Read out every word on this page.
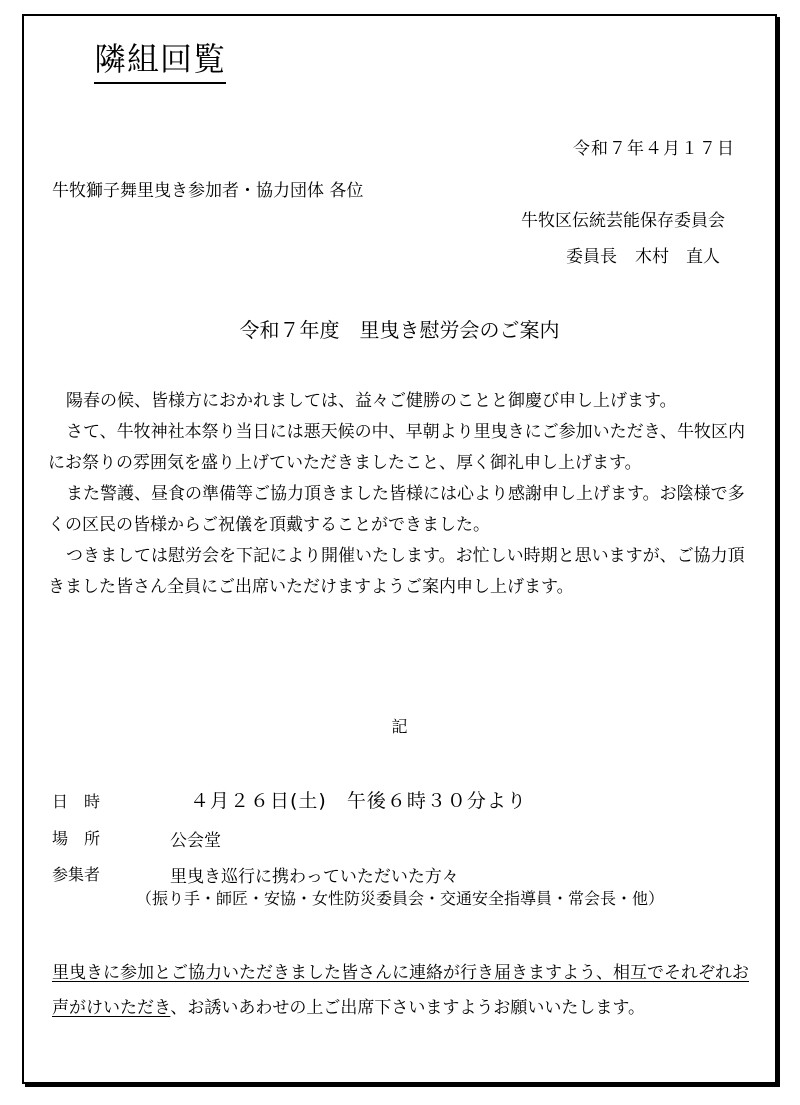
隣組回覧
令和７年４月１７日
牛牧獅子舞里曳き参加者・協力団体 各位
牛牧区伝統芸能保存委員会
委員長 木村　直人
令和７年度　里曳き慰労会のご案内

陽春の候、皆様方におかれましては、益々ご健勝のことと御慶び申し上げます。

さて、牛牧神社本祭り当日には悪天候の中、早朝より里曳きにご参加いただき、牛牧区内にお祭りの雰囲気を盛り上げていただきましたこと、厚く御礼申し上げます。

また警護、昼食の準備等ご協力頂きました皆様には心より感謝申し上げます。お陰様で多くの区民の皆様からご祝儀を頂戴することができました。

つきましては慰労会を下記により開催いたします。お忙しい時期と思いますが、ご協力頂きました皆さん全員にご出席いただけますようご案内申し上げます。

記
日　時	４月２６日(土)　午後６時３０分より
場　所	公会堂
参集者	里曳き巡行に携わっていただいた方々
（振り手・師匠・安協・女性防災委員会・交通安全指導員・常会長・他）
里曳きに参加とご協力いただきました皆さんに連絡が行き届きますよう、相互でそれぞれお声がけいただき、お誘いあわせの上ご出席下さいますようお願いいたします。
